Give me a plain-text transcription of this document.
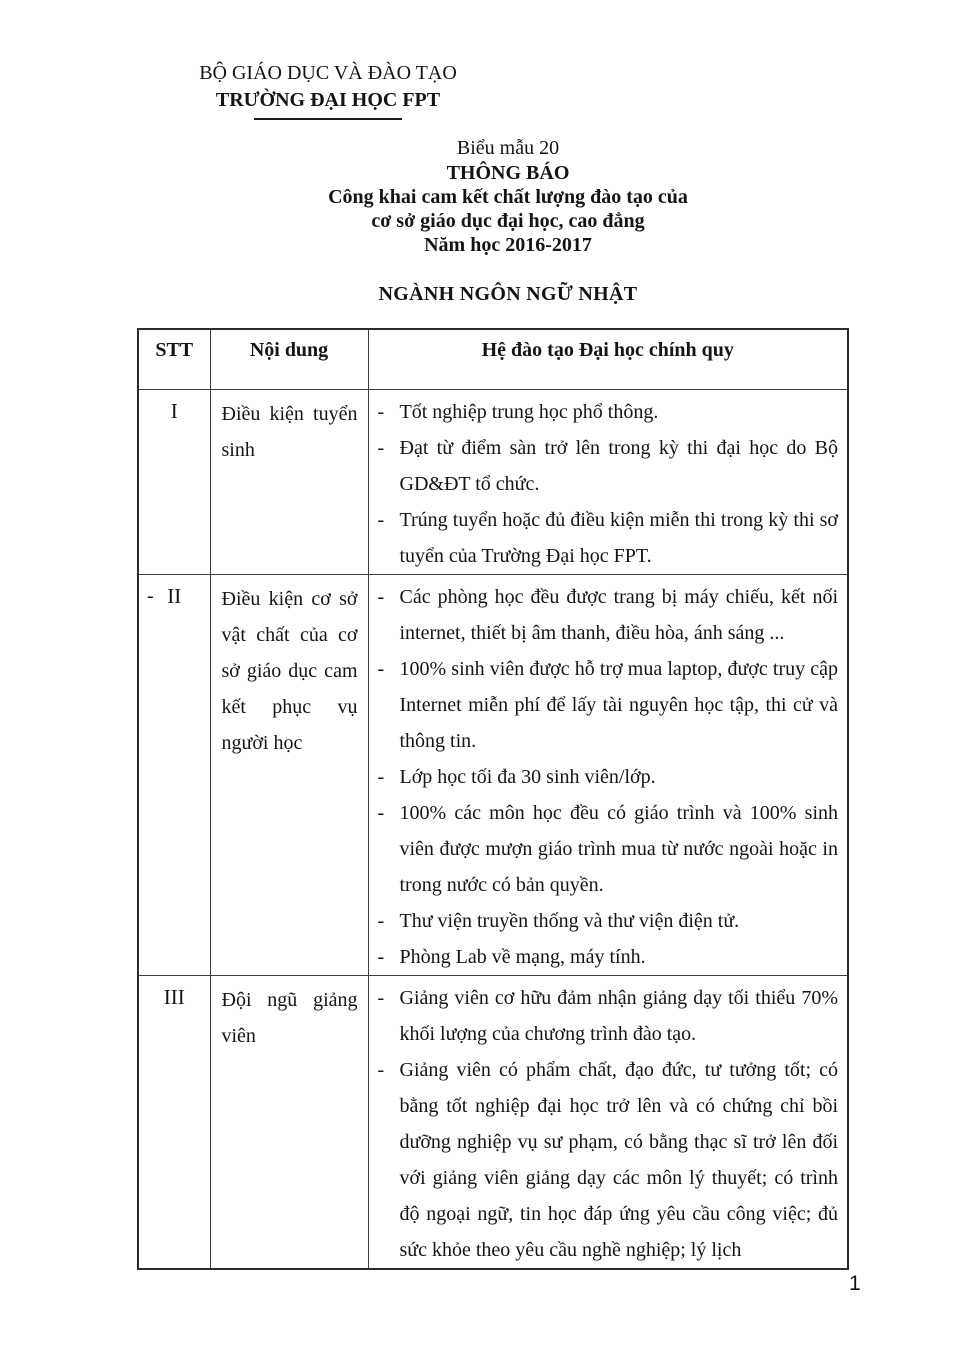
BỘ GIÁO DỤC VÀ ĐÀO TẠO
TRƯỜNG ĐẠI HỌC FPT
Biểu mẫu 20
THÔNG BÁO
Công khai cam kết chất lượng đào tạo của
cơ sở giáo dục đại học, cao đẳng
Năm học 2016-2017
NGÀNH NGÔN NGỮ NHẬT
STT	Nội dung	Hệ đào tạo Đại học chính quy

I	Điều kiện tuyển sinh	
- Tốt nghiệp trung học phổ thông.
- Đạt từ điểm sàn trở lên trong kỳ thi đại học do Bộ GD&ĐT tổ chức.
- Trúng tuyển hoặc đủ điều kiện miễn thi trong kỳ thi sơ tuyển của Trường Đại học FPT.

- II	Điều kiện cơ sở vật chất của cơ sở giáo dục cam kết phục vụ người học	
- Các phòng học đều được trang bị máy chiếu, kết nối internet, thiết bị âm thanh, điều hòa, ánh sáng ...
- 100% sinh viên được hỗ trợ mua laptop, được truy cập Internet miễn phí để lấy tài nguyên học tập, thi cử và thông tin.
- Lớp học tối đa 30 sinh viên/lớp.
- 100% các môn học đều có giáo trình và 100% sinh viên được mượn giáo trình mua từ nước ngoài hoặc in trong nước có bản quyền.
- Thư viện truyền thống và thư viện điện tử.
- Phòng Lab về mạng, máy tính.

III	Đội ngũ giảng viên	- Giảng viên cơ hữu đảm nhận giảng dạy tối thiểu 70% khối lượng của chương trình đào tạo.
- Giảng viên có phẩm chất, đạo đức, tư tưởng tốt; có bằng tốt nghiệp đại học trở lên và có chứng chỉ bồi dưỡng nghiệp vụ sư phạm, có bằng thạc sĩ trở lên đối với giảng viên giảng dạy các môn lý thuyết; có trình độ ngoại ngữ, tin học đáp ứng yêu cầu công việc; đủ sức khỏe theo yêu cầu nghề nghiệp; lý lịch
1
